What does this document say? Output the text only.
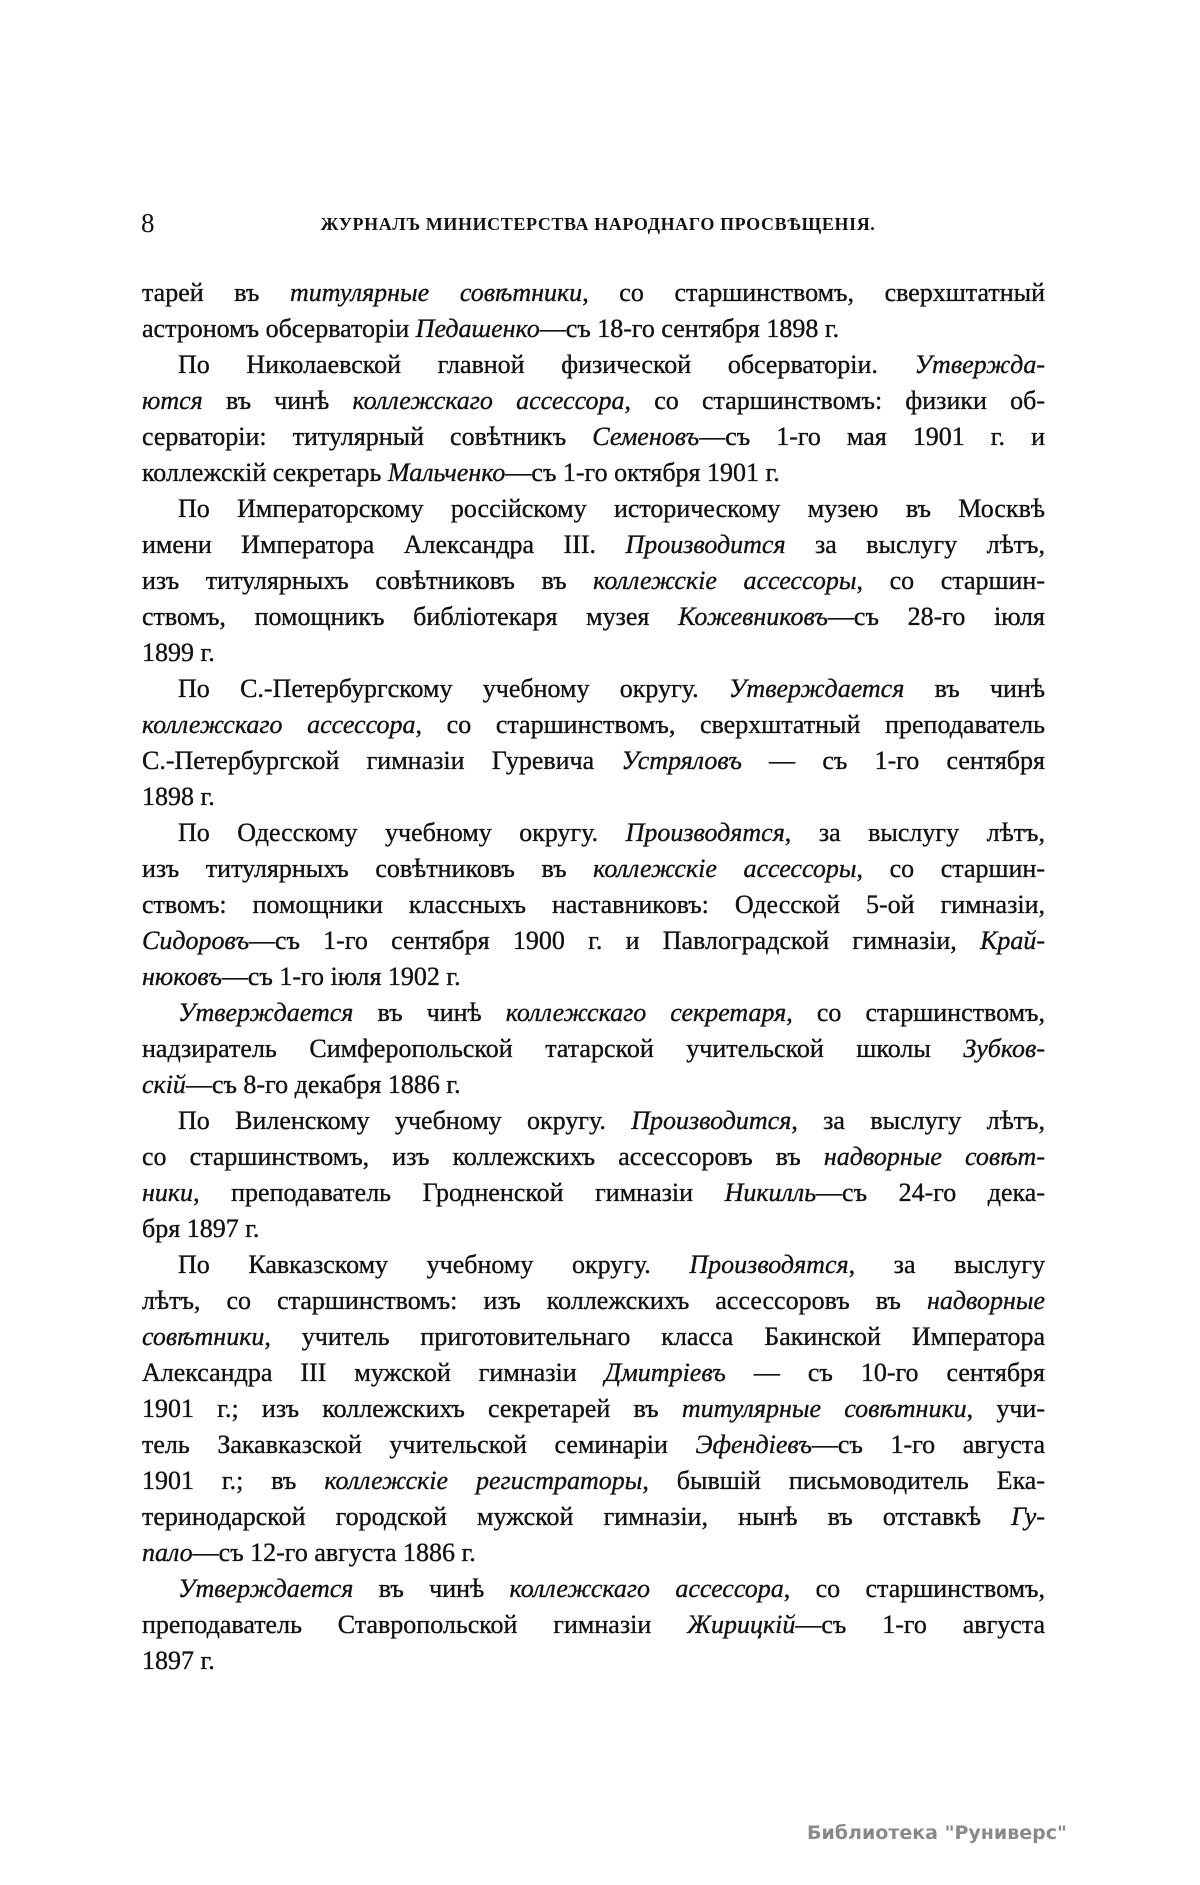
8	ЖУРНАЛЪ МИНИСТЕРСТВА НАРОДНАГО ПРОСВѢЩЕНІЯ.
тарей въ титулярные совѣтники, со старшинствомъ, сверхштатный
астрономъ обсерваторіи Педашенко—съ 18-го сентября 1898 г.
По Николаевской главной физической обсерваторіи. Утвержда-
ются въ чинѣ коллежскаго ассессора, со старшинствомъ: физики об-
серваторіи: титулярный совѣтникъ Семеновъ—съ 1-го мая 1901 г. и
коллежскій секретарь Мальченко—съ 1-го октября 1901 г.
По Императорскому россійскому историческому музею въ Москвѣ
имени Императора Александра III. Производится за выслугу лѣтъ,
изъ титулярныхъ совѣтниковъ въ коллежскіе ассессоры, со старшин-
ствомъ, помощникъ библіотекаря музея Кожевниковъ—съ 28-го іюля
1899 г.
По С.-Петербургскому учебному округу. Утверждается въ чинѣ
коллежскаго ассессора, со старшинствомъ, сверхштатный преподаватель
С.-Петербургской гимназіи Гуревича Устряловъ — съ 1-го сентября
1898 г.
По Одесскому учебному округу. Производятся, за выслугу лѣтъ,
изъ титулярныхъ совѣтниковъ въ коллежскіе ассессоры, со старшин-
ствомъ: помощники классныхъ наставниковъ: Одесской 5-ой гимназіи,
Сидоровъ—съ 1-го сентября 1900 г. и Павлоградской гимназіи, Край-
нюковъ—съ 1-го іюля 1902 г.
Утверждается въ чинѣ коллежскаго секретаря, со старшинствомъ,
надзиратель Симферопольской татарской учительской школы Зубков-
скій—съ 8-го декабря 1886 г.
По Виленскому учебному округу. Производится, за выслугу лѣтъ,
со старшинствомъ, изъ коллежскихъ ассессоровъ въ надворные совѣт-
ники, преподаватель Гродненской гимназіи Никилль—съ 24-го дека-
бря 1897 г.
По Кавказскому учебному округу. Производятся, за выслугу
лѣтъ, со старшинствомъ: изъ коллежскихъ ассессоровъ въ надворные
совѣтники, учитель приготовительнаго класса Бакинской Императора
Александра III мужской гимназіи Дмитріевъ — съ 10-го сентября
1901 г.; изъ коллежскихъ секретарей въ титулярные совѣтники, учи-
тель Закавказской учительской семинаріи Эфендіевъ—съ 1-го августа
1901 г.; въ коллежскіе регистраторы, бывшій письмоводитель Ека-
теринодарской городской мужской гимназіи, нынѣ въ отставкѣ Гу-
пало—съ 12-го августа 1886 г.
Утверждается въ чинѣ коллежскаго ассессора, со старшинствомъ,
преподаватель Ставропольской гимназіи Жирицкій—съ 1-го августа
1897 г.
Библиотека "Руниверс"
